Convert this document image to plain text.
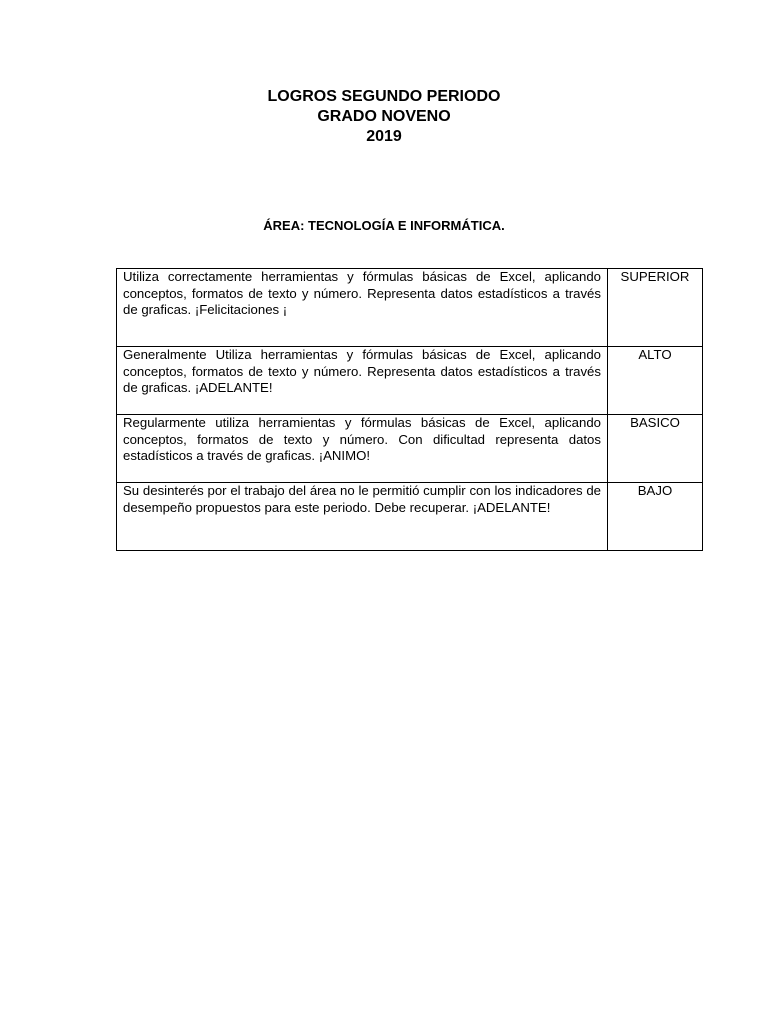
LOGROS SEGUNDO PERIODO
GRADO NOVENO
2019
ÁREA: TECNOLOGÍA E INFORMÁTICA.
Utiliza correctamente herramientas y fórmulas básicas de Excel, aplicando conceptos, formatos de texto y número. Representa datos estadísticos a través de graficas. ¡Felicitaciones ¡	SUPERIOR
Generalmente Utiliza herramientas y fórmulas básicas de Excel, aplicando conceptos, formatos de texto y número. Representa datos estadísticos a través de graficas. ¡ADELANTE!	ALTO
Regularmente utiliza herramientas y fórmulas básicas de Excel, aplicando conceptos, formatos de texto y número. Con dificultad representa datos estadísticos a través de graficas. ¡ANIMO!	BASICO
Su desinterés por el trabajo del área no le permitió cumplir con los indicadores de desempeño propuestos para este periodo. Debe recuperar. ¡ADELANTE!	BAJO
